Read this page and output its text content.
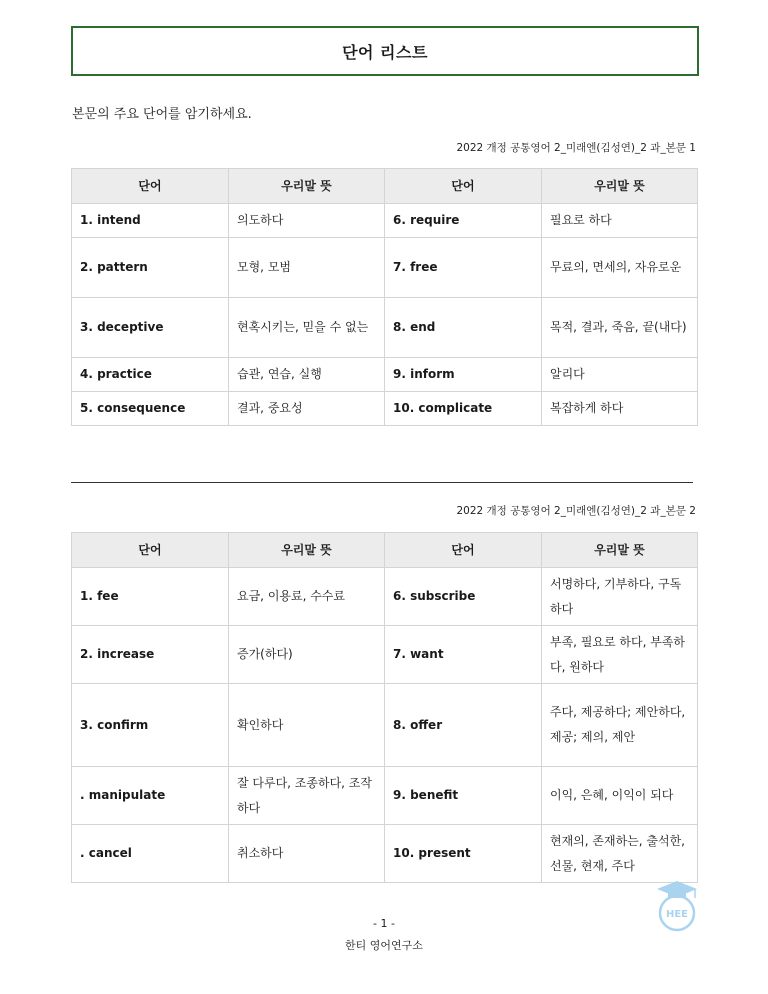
단어 리스트
본문의 주요 단어를 암기하세요.
2022 개정 공통영어 2_미래엔(김성연)_2 과_본문 1
단어	우리말 뜻	단어	우리말 뜻
1. intend	의도하다	6. require	필요로 하다
2. pattern	모형, 모범	7. free	무료의, 면세의, 자유로운
3. deceptive	현혹시키는, 믿을 수 없는	8. end	목적, 결과, 죽음, 끝(내다)
4. practice	습관, 연습, 실행	9. inform	알리다
5. consequence	결과, 중요성	10. complicate	복잡하게 하다
2022 개정 공통영어 2_미래엔(김성연)_2 과_본문 2
단어	우리말 뜻	단어	우리말 뜻
1. fee	요금, 이용료, 수수료	6. subscribe	서명하다, 기부하다, 구독하다
2. increase	증가(하다)	7. want	부족, 필요로 하다, 부족하다, 원하다
3. confirm	확인하다	8. offer	주다, 제공하다; 제안하다, 제공; 제의, 제안
. manipulate	잘 다루다, 조종하다, 조작하다	9. benefit	이익, 은혜, 이익이 되다
. cancel	취소하다	10. present	현재의, 존재하는, 출석한, 선물, 현재, 주다
- 1 -
한티 영어연구소
HEE
